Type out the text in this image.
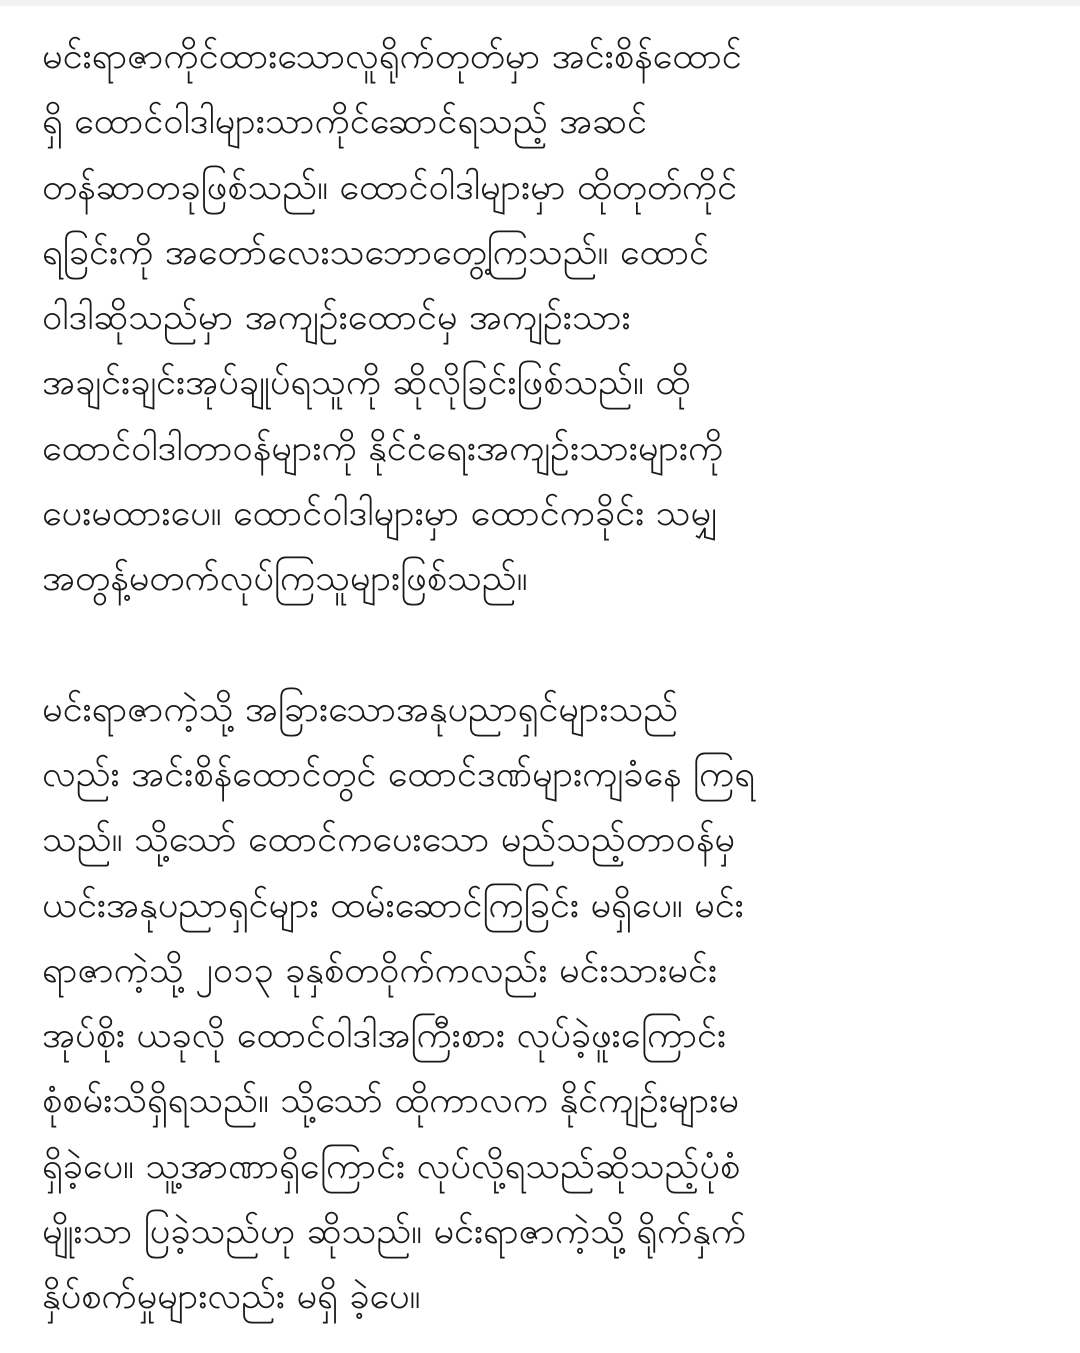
မင်းရာဇာကိုင်ထားသောလူရိုက်တုတ်မှာ အင်းစိန်ထောင်
ရှိ ထောင်ဝါဒါများသာကိုင်ဆောင်ရသည့် အဆင်
တန်ဆာတခုဖြစ်သည်။ ထောင်ဝါဒါများမှာ ထိုတုတ်ကိုင်
ရခြင်းကို အတော်လေးသဘောတွေ့ကြသည်။ ထောင်
ဝါဒါဆိုသည်မှာ အကျဥ်းထောင်မှ အကျဥ်းသား
အချင်းချင်းအုပ်ချုပ်ရသူကို ဆိုလိုခြင်းဖြစ်သည်။ ထို
ထောင်ဝါဒါတာဝန်များကို နိုင်ငံရေးအကျဥ်းသားများကို
ပေးမထားပေ။ ထောင်ဝါဒါများမှာ ထောင်ကခိုင်း သမျှ
အတွန့်မတက်လုပ်ကြသူများဖြစ်သည်။

မင်းရာဇာကဲ့သို့ အခြားသောအနုပညာရှင်များသည်
လည်း အင်းစိန်ထောင်တွင် ထောင်ဒဏ်များကျခံနေ ကြရ
သည်။ သို့သော် ထောင်ကပေးသော မည်သည့်တာဝန်မှ
ယင်းအနုပညာရှင်များ ထမ်းဆောင်ကြခြင်း မရှိပေ။ မင်း
ရာဇာကဲ့သို့ ၂၀၁၃ ခုနှစ်တဝိုက်ကလည်း မင်းသားမင်း
အုပ်စိုး ယခုလို ထောင်ဝါဒါအကြီးစား လုပ်ခဲ့ဖူးကြောင်း
စုံစမ်းသိရှိရသည်။ သို့သော် ထိုကာလက နိုင်ကျဥ်းများမ
ရှိခဲ့ပေ။ သူ့အာဏာရှိကြောင်း လုပ်လို့ရသည်ဆိုသည့်ပုံစံ
မျိုးသာ ပြခဲ့သည်ဟု ဆိုသည်။ မင်းရာဇာကဲ့သို့ ရိုက်နှက်
နှိပ်စက်မှုများလည်း မရှိ ခဲ့ပေ။
